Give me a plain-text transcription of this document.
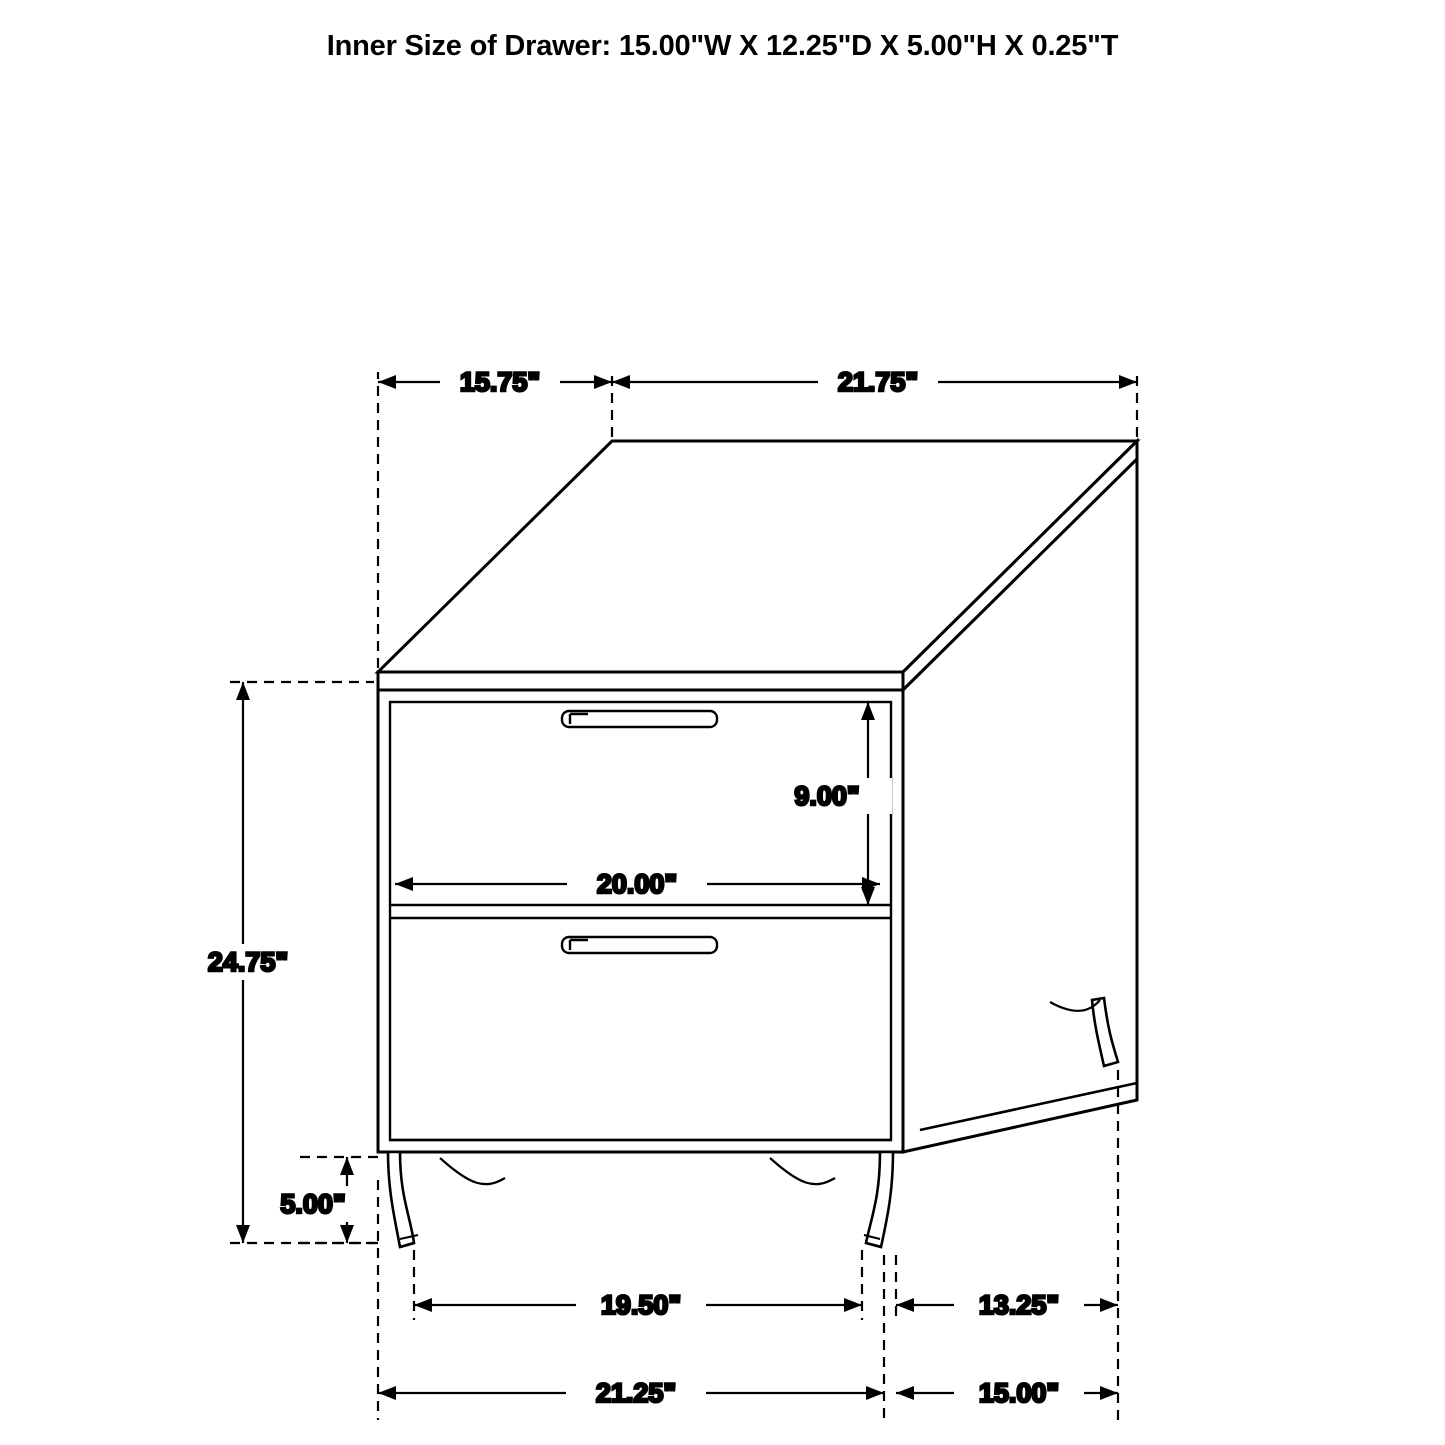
Inner Size of Drawer: 15.00"W X 12.25"D X 5.00"H X 0.25"T
15.75"	21.75"
9.00"
20.00"
24.75"
5.00"
19.50"	13.25"
21.25"	15.00"
